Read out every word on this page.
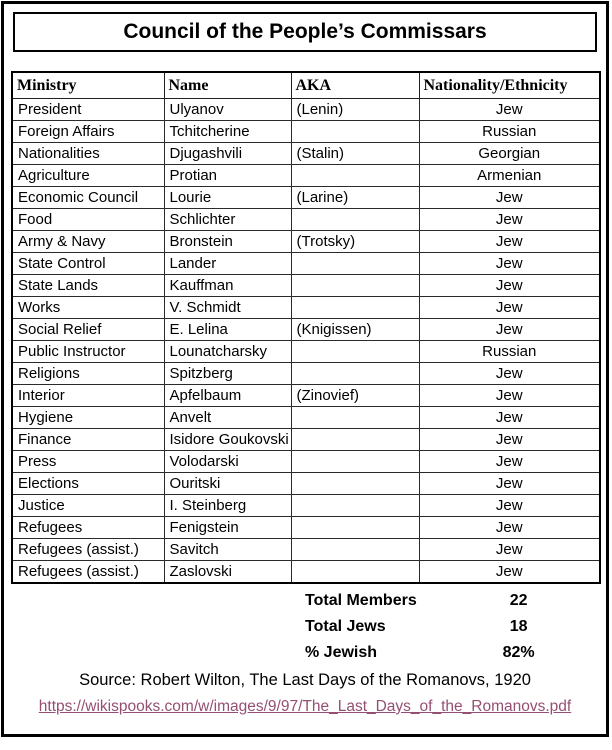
Council of the People’s Commissars
Ministry	Name	AKA	Nationality/Ethnicity
President	Ulyanov	(Lenin)	Jew
Foreign Affairs	Tchitcherine		Russian
Nationalities	Djugashvili	(Stalin)	Georgian
Agriculture	Protian		Armenian
Economic Council	Lourie	(Larine)	Jew
Food	Schlichter		Jew
Army & Navy	Bronstein	(Trotsky)	Jew
State Control	Lander		Jew
State Lands	Kauffman		Jew
Works	V. Schmidt		Jew
Social Relief	E. Lelina	(Knigissen)	Jew
Public Instructor	Lounatcharsky		Russian
Religions	Spitzberg		Jew
Interior	Apfelbaum	(Zinovief)	Jew
Hygiene	Anvelt		Jew
Finance	Isidore Goukovski		Jew
Press	Volodarski		Jew
Elections	Ouritski		Jew
Justice	I. Steinberg		Jew
Refugees	Fenigstein		Jew
Refugees (assist.)	Savitch		Jew
Refugees (assist.)	Zaslovski		Jew
Total Members	22
Total Jews	18
% Jewish	82%
Source: Robert Wilton, The Last Days of the Romanovs, 1920
https://wikispooks.com/w/images/9/97/The_Last_Days_of_the_Romanovs.pdf
